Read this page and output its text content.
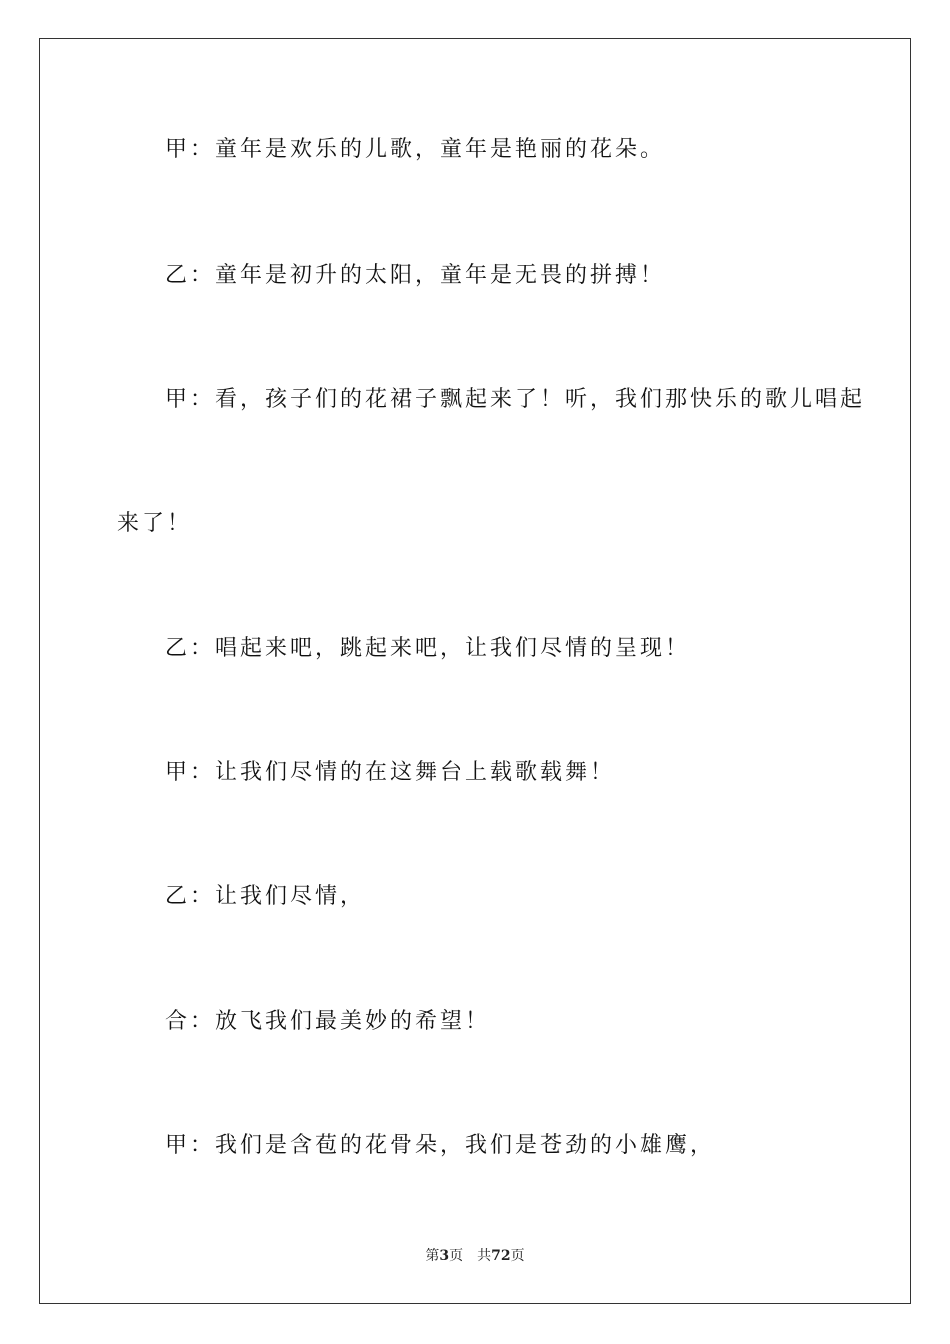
甲：童年是欢乐的儿歌，童年是艳丽的花朵。
乙：童年是初升的太阳，童年是无畏的拼搏！
甲：看，孩子们的花裙子飘起来了！听，我们那快乐的歌儿唱起
来了！
乙：唱起来吧，跳起来吧，让我们尽情的呈现！
甲：让我们尽情的在这舞台上载歌载舞！
乙：让我们尽情，
合：放飞我们最美妙的希望！
甲：我们是含苞的花骨朵，我们是苍劲的小雄鹰，
第3页 共72页
